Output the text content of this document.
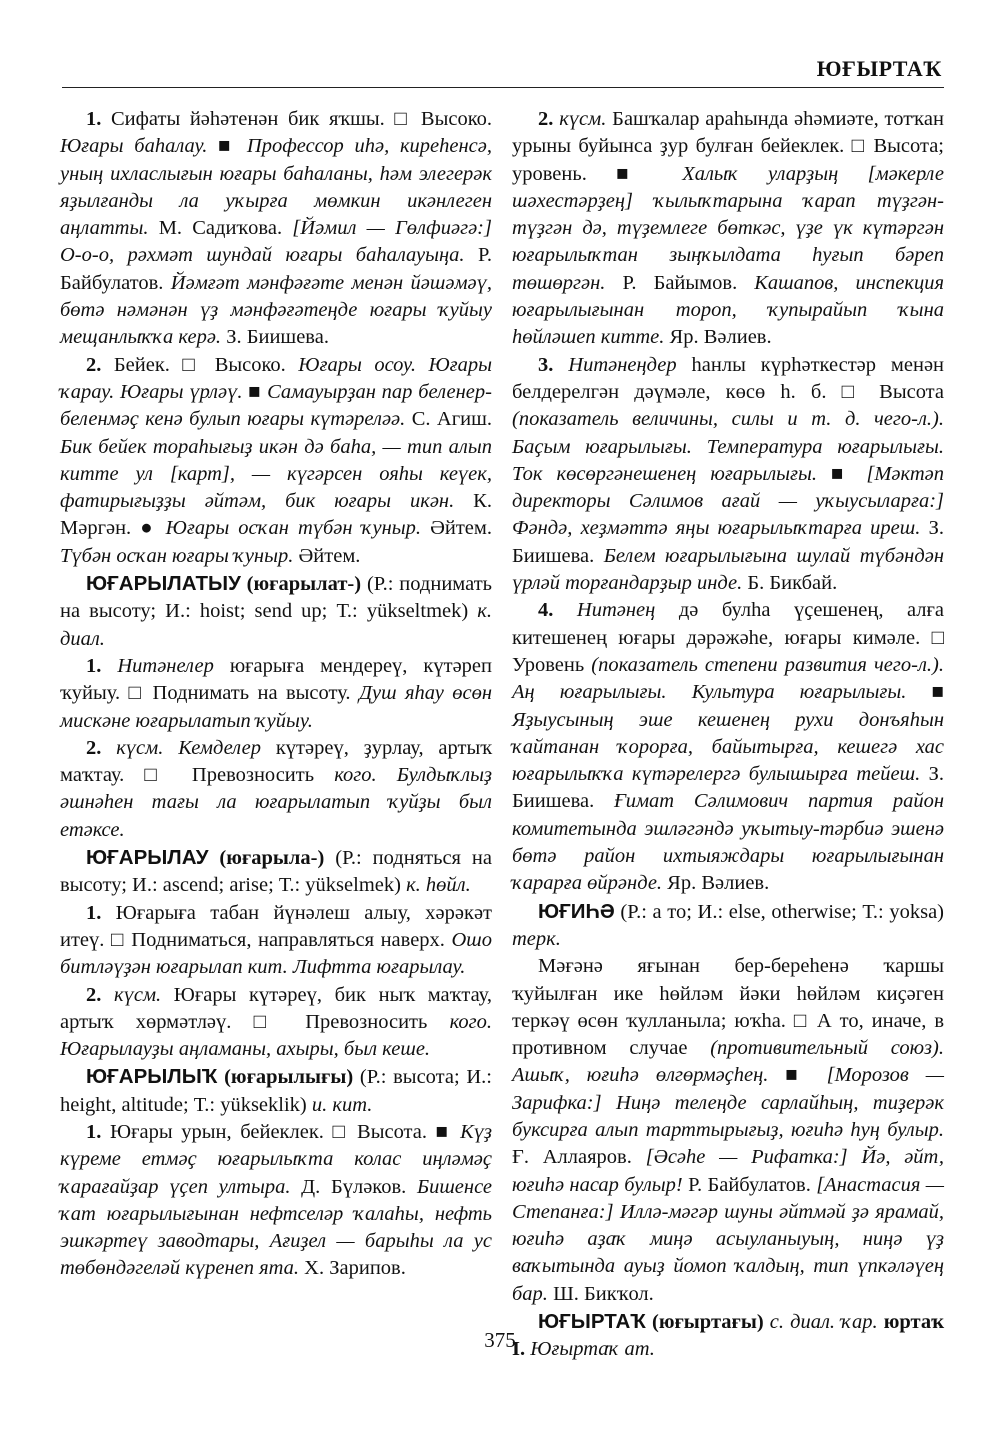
ЮҒЫРТАҠ

1. Сифаты йәһәтенән бик яҡшы. □ Высоко. Юғары баһалау. ■ Профессор иһә, киреһенсә, уның ихласлығын юғары баһаланы, һәм элегерәк яҙылғанды ла уҡырға мөмкин икәнлеген аңлатты. М. Садиҡова. [Йәмил — Гөлфиәгә:] О-о-о, рәхмәт шундай юғары баһалауыңа. Р. Байбулатов. Йәмғәт мәнфәғәте менән йәшәмәү, бөтә нәмәнән үҙ мәнфәғәтеңде юғары ҡуйыу мещанлыҡҡа керә. З. Биишева.

2. Бейек. □ Высоко. Юғары осоу. Юғары ҡарау. Юғары үрләү. ■ Самауырҙан пар беленер-беленмәҫ кенә булып юғары күтәреләә. С. Агиш. Бик бейек тораһығыҙ икән дә баһа, — тип алып китте ул [карт], — күгәрсен ояһы кеүек, фатирығыҙҙы әйтәм, бик юғары икән. К. Мәргән. ● Юғары осҡан түбән ҡуныр. Әйтем. Түбән осҡан юғары ҡуныр. Әйтем.

ЮҒАРЫЛАТЫУ (юғарылат-) (Р.: поднимать на высоту; И.: hoist; send up; Т.: yükseltmek) к. диал.

1. Ниmәнелер юғарыға мендереү, күтәреп ҡуйыу. □ Поднимать на высоту. Душ яһау өсөн мискәне юғарылатып ҡуйыу.

2. күсм. Кемделер күтәреү, ҙурлау, артыҡ маҡтау. □ Превозносить кого. Булдыҡлыҙ әшнәһен тағы ла юғарылатып ҡуйҙы был етәксе.

ЮҒАРЫЛАУ (юғарыла-) (Р.: подняться на высоту; И.: ascend; arise; Т.: yükselmek) к. һөйл.

1. Юғарыға табан йүнәлеш алыу, хәрәкәт итеү. □ Подниматься, направляться наверх. Ошо битләүҙән юғарылап кит. Лифтта юғарылау.

2. күсм. Юғары күтәреү, бик ныҡ маҡтау, артыҡ хөрмәтләү. □ Превозносить кого. Юғарылауҙы аңламаны, ахыры, был кеше.

ЮҒАРЫЛЫҠ (юғарылығы) (Р.: высота; И.: height, altitude; Т.: yükseklik) и. кит.

1. Юғары урын, бейеклек. □ Высота. ■ Күҙ күреме етмәҫ юғарылыҡта колас иңләмәҫ ҡарағайҙар үҫеп ултыра. Д. Бүләков. Бишенсе ҡат юғарылығынан нефтселәр ҡалаһы, нефть эшкәртеү заводтары, Ағиҙел — барыһы ла ус төбөндәгеләй күренеп ята. Х. Зарипов.

2. күсм. Башҡалар араһында әһәмиәте, тотҡан урыны буйынса ҙур булған бейеклек. □ Высота; уровень. ■ Халыҡ уларҙың [мәкерле шәхестәрҙең] ҡылыҡтарына ҡарап түҙгән-түҙгән дә, түҙемлеге бөткәс, үҙе үк күтәргән юғарылыҡтан зыңҡылдата һуғып бәреп төшөргән. Р. Байымов. Кашапов, инспекция юғарылығынан тороп, ҡупырайып ҡына һөйләшеп китте. Яр. Вәлиев.

3. Ниmәнеңдер һанлы күрһәткестәр менән белдерелгән дәүмәле, көсө h. б. □ Высота (показатель величины, силы и т. д. чего-л.). Баҫым юғарылығы. Температура юғарылығы. Ток көсөргәнешенең юғарылығы. ■ [Мәктәп директоры Сәлимов ағай — уҡыусыларға:] Фәндә, хеҙмәттә яңы юғарылыҡтарға иреш. З. Биишева. Белем юғарылығына шулай түбәндән үрләй торғандарҙыр инде. Б. Бикбай.

4. Ниmәнең дә булһа үҫешенең, алға китешенең юғары дәрәжәһе, юғары кимәле. □ Уровень (показатель степени развития чего-л.). Аң юғарылығы. Культура юғарылығы. ■ Яҙыусының эше кешенең рухи донъяһын ҡайтанан ҡорорға, байытырға, кешегә хас юғарылыҡҡа күтәрелергә булышырға тейеш. З. Биишева. Ғимат Сәлимович партия район комитетында эшләгәндә уҡытыу-тәрбиә эшенә бөтә район ихтыяждары юғарылығынан ҡарарға өйрәнде. Яр. Вәлиев.

ЮҒИҺӘ (Р.: а то; И.: else, otherwise; Т.: yoksa) терк.

Мәғәнә яғынан бер-береһенә ҡаршы ҡуйылған ике һөйләм йәки һөйләм киҫәген теркәү өсөн ҡулланыла; юҡһа. □ А то, иначе, в противном случае (противительный союз). Ашыҡ, юғиһә өлгөрмәҫһең. ■ [Морозов — Зарифка:] Ниңә телеңде сарлайһың, тиҙерәк буксирға алып тарттырығыҙ, юғиһә һуң булыр. Ғ. Аллаяров. [Әсәһе — Рифатка:] Йә, әйт, юғиһә насар булыр! Р. Байбулатов. [Анастасия — Степанға:] Иллә-мәгәр шуны әйтмәй ҙә ярамай, юғиһә аҙаҡ миңә асыуланыуың, ниңә үҙ ваҡытында ауыҙ йомоп ҡалдың, тип үпкәләүең бар. Ш. Бикҡол.

ЮҒЫРТАҠ (юғыртағы) с. диал. ҡар. юртаҡ I. Юғыртаҡ ат.

375
